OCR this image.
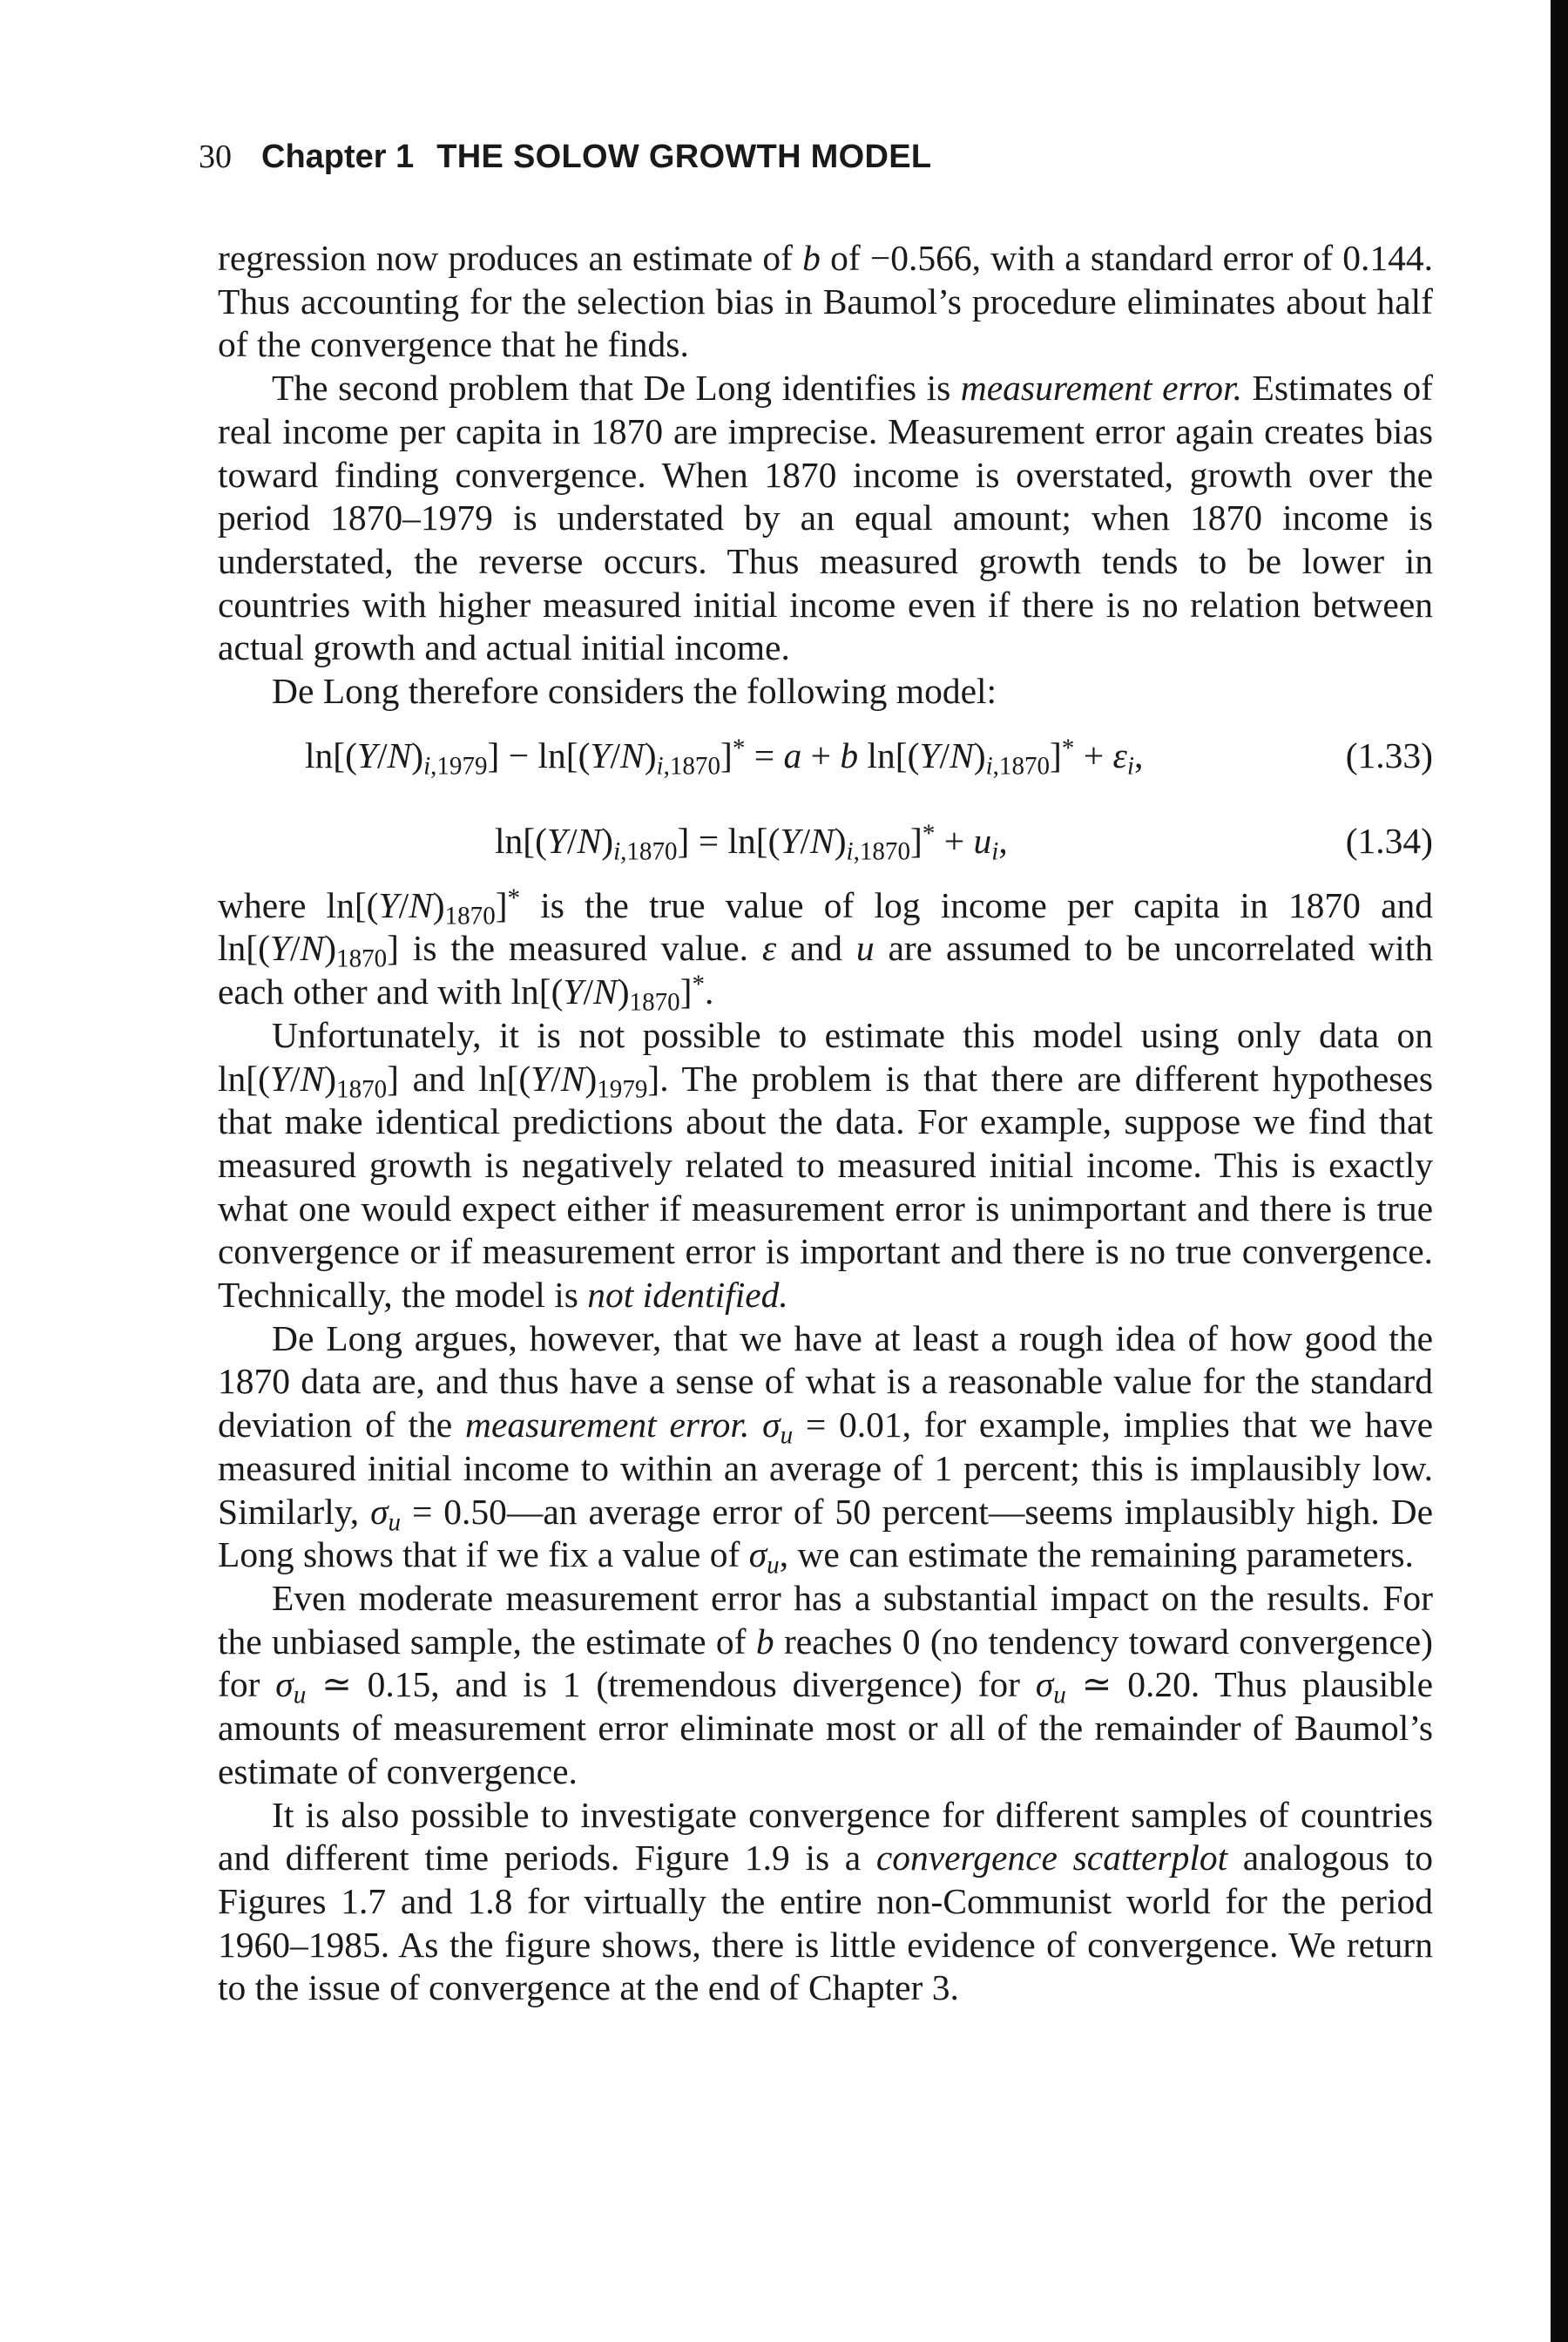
30 Chapter 1 THE SOLOW GROWTH MODEL

regression now produces an estimate of b of −0.566, with a standard error of 0.144. Thus accounting for the selection bias in Baumol’s procedure eliminates about half of the convergence that he finds.

The second problem that De Long identifies is measurement error. Estimates of real income per capita in 1870 are imprecise. Measurement error again creates bias toward finding convergence. When 1870 income is overstated, growth over the period 1870–1979 is understated by an equal amount; when 1870 income is understated, the reverse occurs. Thus measured growth tends to be lower in countries with higher measured initial income even if there is no relation between actual growth and actual initial income.

De Long therefore considers the following model:

$\ln[(Y/N)_{i,1979}] - \ln[(Y/N)_{i,1870}]^* = a + b$ $\ln[(Y/N)_{i,1870}]^* + \varepsilon_i$,	(1.33)
$\ln[(Y/N)_{i,1870}] = \ln[(Y/N)_{i,1870}]^* + u_i$,	(1.34)

where $\ln[(Y/N)_{1870}]^*$ is the true value of log income per capita in 1870 and $\ln[(Y/N)_{1870}]$ is the measured value. ε and u are assumed to be uncorrelated with each other and with $\ln[(Y/N)_{1870}]^*$.

Unfortunately, it is not possible to estimate this model using only data on $\ln[(Y/N)_{1870}]$ and $\ln[(Y/N)_{1979}]$. The problem is that there are different hypotheses that make identical predictions about the data. For example, suppose we find that measured growth is negatively related to measured initial income. This is exactly what one would expect either if measurement error is unimportant and there is true convergence or if measurement error is important and there is no true convergence. Technically, the model is not identified.

De Long argues, however, that we have at least a rough idea of how good the 1870 data are, and thus have a sense of what is a reasonable value for the standard deviation of the measurement error. $\sigma_u = 0.01$, for example, implies that we have measured initial income to within an average of 1 percent; this is implausibly low. Similarly, $\sigma_u$ = 0.50—an average error of 50 percent—seems implausibly high. De Long shows that if we fix a value of $\sigma_u$, we can estimate the remaining parameters.

Even moderate measurement error has a substantial impact on the results. For the unbiased sample, the estimate of b reaches 0 (no tendency toward convergence) for $\sigma_u$ ≃ 0.15, and is 1 (tremendous divergence) for $\sigma_u$ ≃ 0.20. Thus plausible amounts of measurement error eliminate most or all of the remainder of Baumol’s estimate of convergence.

It is also possible to investigate convergence for different samples of countries and different time periods. Figure 1.9 is a convergence scatterplot analogous to Figures 1.7 and 1.8 for virtually the entire non-Communist world for the period 1960–1985. As the figure shows, there is little evidence of convergence. We return to the issue of convergence at the end of Chapter 3.
